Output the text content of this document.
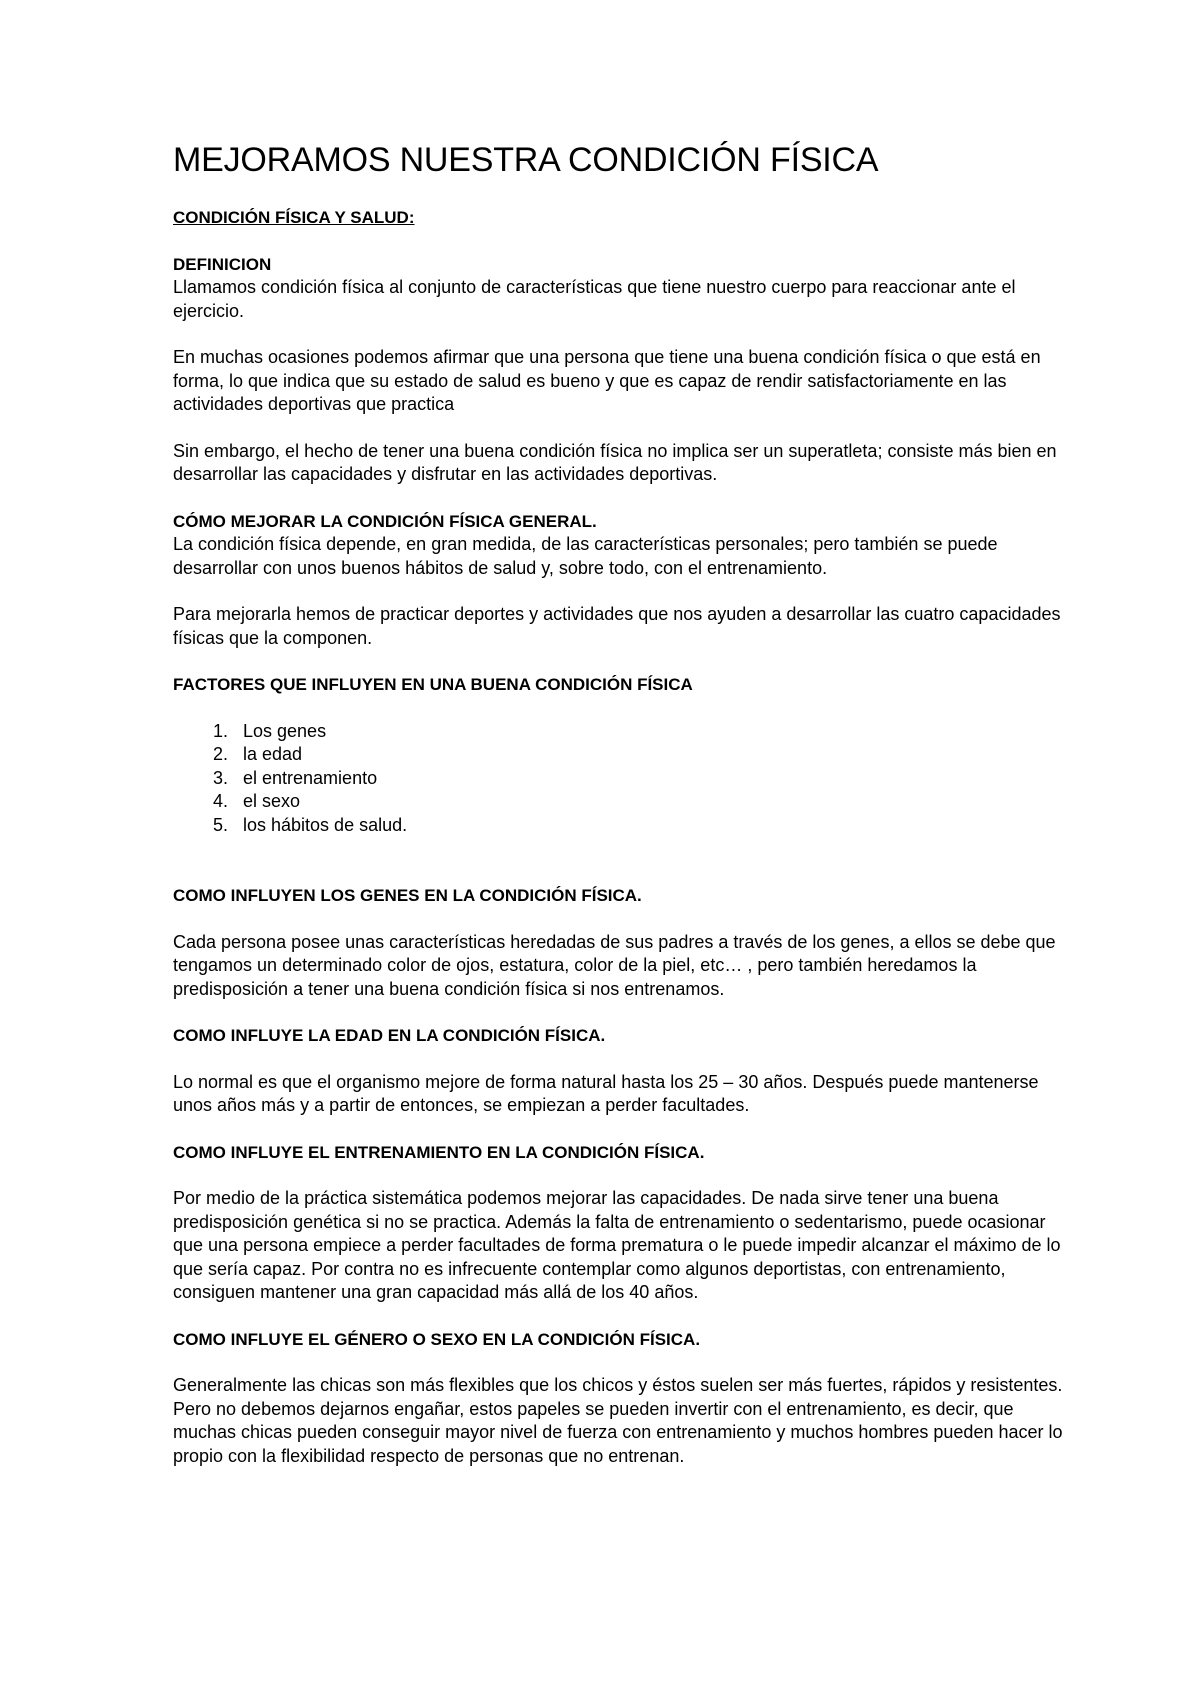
MEJORAMOS NUESTRA CONDICIÓN FÍSICA
CONDICIÓN FÍSICA Y SALUD:
DEFINICION

Llamamos condición física al conjunto de características que tiene nuestro cuerpo para reaccionar ante el ejercicio.

En muchas ocasiones podemos afirmar que una persona que tiene una buena condición física o que está en forma, lo que indica que su estado de salud es bueno y que es capaz de rendir satisfactoriamente en las actividades deportivas que practica

Sin embargo, el hecho de tener una buena condición física no implica ser un superatleta; consiste más bien en desarrollar las capacidades y disfrutar en las actividades deportivas.

CÓMO MEJORAR LA CONDICIÓN FÍSICA GENERAL.

La condición física depende, en gran medida, de las características personales; pero también se puede desarrollar con unos buenos hábitos de salud y, sobre todo, con el entrenamiento.

Para mejorarla hemos de practicar deportes y actividades que nos ayuden a desarrollar las cuatro capacidades físicas que la componen.

FACTORES QUE INFLUYEN EN UNA BUENA CONDICIÓN FÍSICA
1. Los genes
2. la edad
3. el entrenamiento
4. el sexo
5. los hábitos de salud.
COMO INFLUYEN LOS GENES EN LA CONDICIÓN FÍSICA.

Cada persona posee unas características heredadas de sus padres a través de los genes, a ellos se debe que tengamos un determinado color de ojos, estatura, color de la piel, etc… , pero también heredamos la predisposición a tener una buena condición física si nos entrenamos.

COMO INFLUYE LA EDAD EN LA CONDICIÓN FÍSICA.

Lo normal es que el organismo mejore de forma natural hasta los 25 – 30 años. Después puede mantenerse unos años más y a partir de entonces, se empiezan a perder facultades.

COMO INFLUYE EL ENTRENAMIENTO EN LA CONDICIÓN FÍSICA.

Por medio de la práctica sistemática podemos mejorar las capacidades. De nada sirve tener una buena predisposición genética si no se practica. Además la falta de entrenamiento o sedentarismo, puede ocasionar que una persona empiece a perder facultades de forma prematura o le puede impedir alcanzar el máximo de lo que sería capaz. Por contra no es infrecuente contemplar como algunos deportistas, con entrenamiento, consiguen mantener una gran capacidad más allá de los 40 años.

COMO INFLUYE EL GÉNERO O SEXO EN LA CONDICIÓN FÍSICA.

Generalmente las chicas son más flexibles que los chicos y éstos suelen ser más fuertes, rápidos y resistentes. Pero no debemos dejarnos engañar, estos papeles se pueden invertir con el entrenamiento, es decir, que muchas chicas pueden conseguir mayor nivel de fuerza con entrenamiento y muchos hombres pueden hacer lo propio con la flexibilidad respecto de personas que no entrenan.
